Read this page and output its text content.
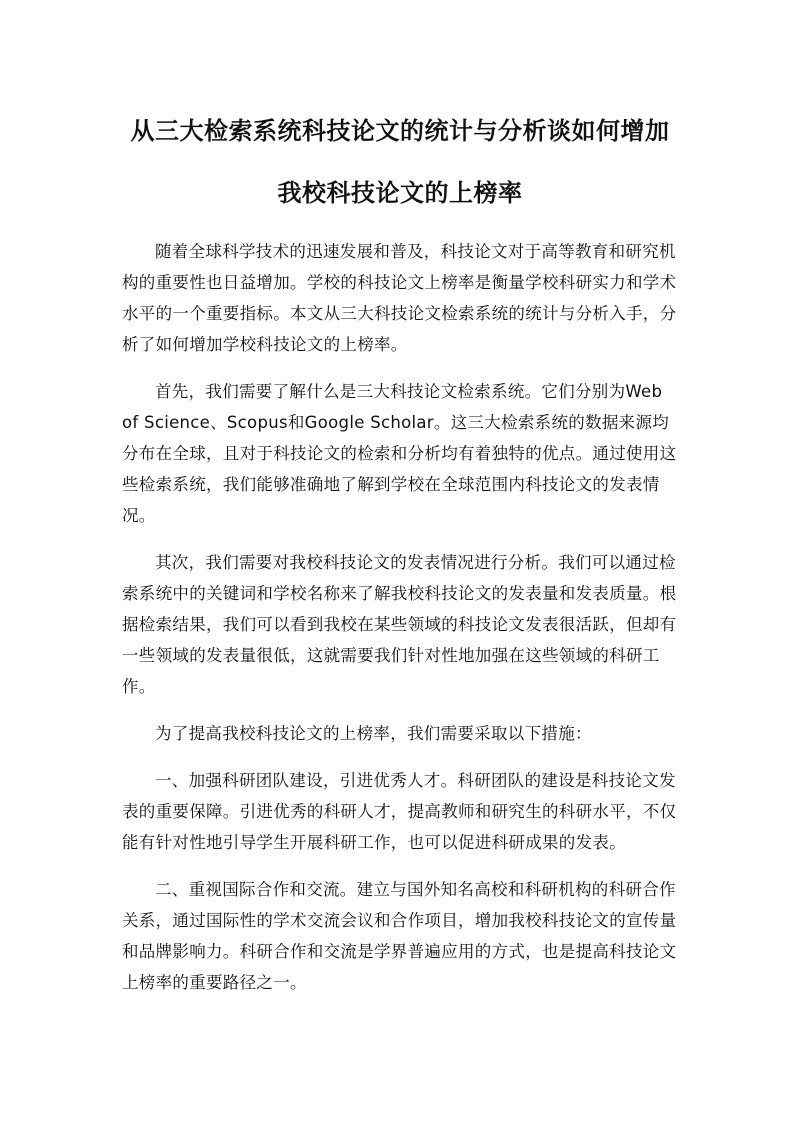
从三大检索系统科技论文的统计与分析谈如何增加
我校科技论文的上榜率

随着全球科学技术的迅速发展和普及，科技论文对于高等教育和研究机构的重要性也日益增加。学校的科技论文上榜率是衡量学校科研实力和学术水平的一个重要指标。本文从三大科技论文检索系统的统计与分析入手，分析了如何增加学校科技论文的上榜率。

首先，我们需要了解什么是三大科技论文检索系统。它们分别为Web of Science、Scopus和Google Scholar。这三大检索系统的数据来源均分布在全球，且对于科技论文的检索和分析均有着独特的优点。通过使用这些检索系统，我们能够准确地了解到学校在全球范围内科技论文的发表情况。

其次，我们需要对我校科技论文的发表情况进行分析。我们可以通过检索系统中的关键词和学校名称来了解我校科技论文的发表量和发表质量。根据检索结果，我们可以看到我校在某些领域的科技论文发表很活跃，但却有一些领域的发表量很低，这就需要我们针对性地加强在这些领域的科研工作。

为了提高我校科技论文的上榜率，我们需要采取以下措施：

一、加强科研团队建设，引进优秀人才。科研团队的建设是科技论文发表的重要保障。引进优秀的科研人才，提高教师和研究生的科研水平，不仅能有针对性地引导学生开展科研工作，也可以促进科研成果的发表。

二、重视国际合作和交流。建立与国外知名高校和科研机构的科研合作关系，通过国际性的学术交流会议和合作项目，增加我校科技论文的宣传量和品牌影响力。科研合作和交流是学界普遍应用的方式，也是提高科技论文上榜率的重要路径之一。
